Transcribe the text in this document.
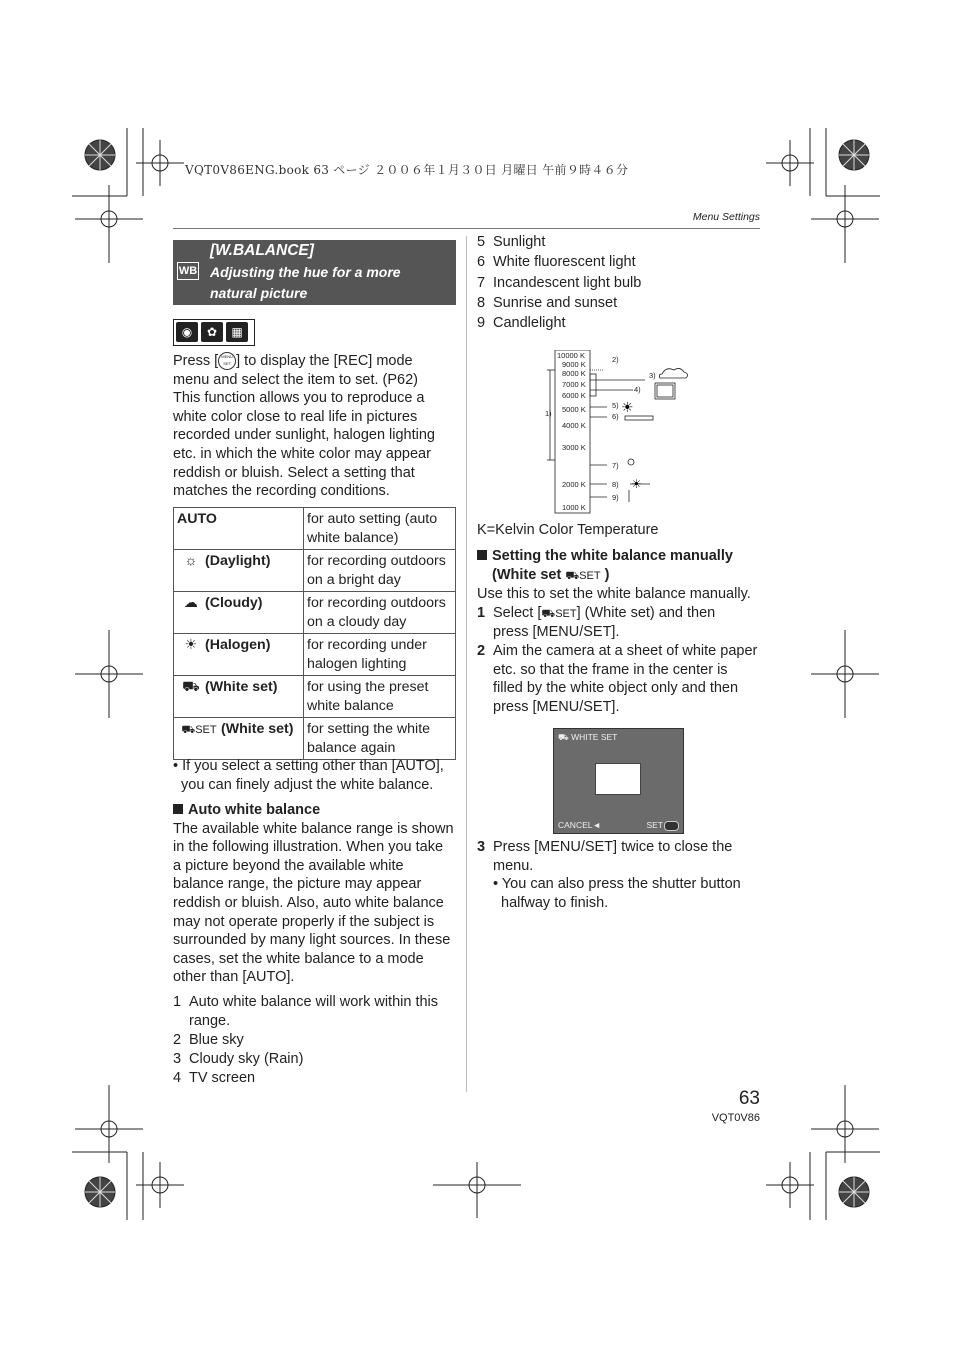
VQT0V86ENG.book 63 ページ ２００６年１月３０日 月曜日 午前９時４６分
Menu Settings
WB
[W.BALANCE]
Adjusting the hue for a more
natural picture
◉	✿	▦
Press [ MENU SET ] to display the [REC] mode
menu and select the item to set. (P62)
This function allows you to reproduce a
white color close to real life in pictures
recorded under sunlight, halogen lighting
etc. in which the white color may appear
reddish or bluish. Select a setting that
matches the recording conditions.
AUTO	for auto setting (auto
white balance)

☼ (Daylight)	for recording outdoors
on a bright day

☁ (Cloudy)	for recording outdoors
on a cloudy day

☀ (Halogen)	for recording under
halogen lighting

⛟ (White set)	for using the preset
white balance

⛟SET (White set)	for setting the white
balance again
• If you select a setting other than [AUTO],
you can finely adjust the white balance.
Auto white balance
The available white balance range is shown
in the following illustration. When you take
a picture beyond the available white
balance range, the picture may appear
reddish or bluish. Also, auto white balance
may not operate properly if the subject is
surrounded by many light sources. In these
cases, set the white balance to a mode
other than [AUTO].
1 Auto white balance will work within this
range.
2 Blue sky
3 Cloudy sky (Rain)
4 TV screen
5 Sunlight
6 White fluorescent light
7 Incandescent light bulb
8 Sunrise and sunset
9 Candlelight
10000 K
9000 K
8000 K
7000 K
6000 K
5000 K
4000 K
3000 K
2000 K
1000 K
1)
2)
3)
4)
5)
6)
7)
8)
9)
☀
☀
K=Kelvin Color Temperature
Setting the white balance manually
(White set ⛟SET )
Use this to set the white balance manually.
1 Select [⛟SET] (White set) and then
press [MENU/SET].
2 Aim the camera at a sheet of white paper
etc. so that the frame in the center is
filled by the white object only and then
press [MENU/SET].
⛟ WHITE SET
CANCEL◄	SET
3 Press [MENU/SET] twice to close the
menu.
• You can also press the shutter button
halfway to finish.
63
VQT0V86
